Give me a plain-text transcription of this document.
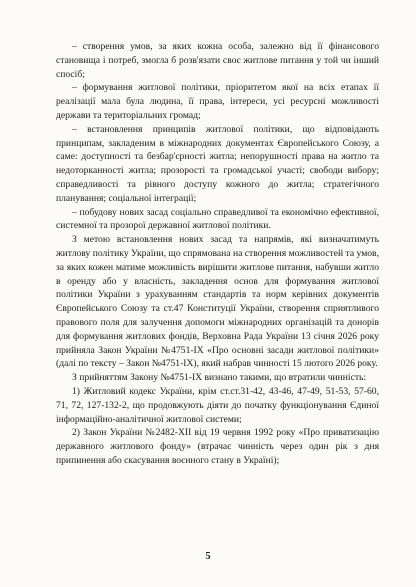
– створення умов, за яких кожна особа, залежно від її фінансового становища і потреб, змогла б розв'язати своє житлове питання у той чи інший спосіб;

– формування житлової політики, пріоритетом якої на всіх етапах її реалізації мала була людина, її права, інтереси, усі ресурсні можливості держави та територіальних громад;

– встановлення принципів житлової політики, що відповідають принципам, закладеним в міжнародних документах Європейського Союзу, а саме: доступності та безбар'єрності житла; непорушності права на житло та недоторканності житла; прозорості та громадської участі; свободи вибору; справедливості та рівного доступу кожного до житла; стратегічного планування; соціальної інтеграції;

– побудову нових засад соціально справедливої та економічно ефективної, системної та прозорої державної житлової політики.

З метою встановлення нових засад та напрямів, які визначатимуть житлову політику України, що спрямована на створення можливостей та умов, за яких кожен матиме можливість вирішити житлове питання, набувши житло в оренду або у власність, закладення основ для формування житлової політики України з урахуванням стандартів та норм керівних документів Європейського Союзу та ст.47 Конституції України, створення сприятливого правового поля для залучення допомоги міжнародних організацій та донорів для формування житлових фондів, Верховна Рада України 13 січня 2026 року прийняла Закон України №4751-IX «Про основні засади житлової політики» (далі по тексту – Закон №4751-IX), який набрав чинності 15 лютого 2026 року.

З прийняттям Закону №4751-IX визнано такими, що втратили чинність:

1) Житловий кодекс України, крім ст.ст.31-42, 43-46, 47-49, 51-53, 57-60, 71, 72, 127-132-2, що продовжують діяти до початку функціонування Єдиної інформаційно-аналітичної житлової системи;

2) Закон України №2482-XII від 19 червня 1992 року «Про приватизацію державного житлового фонду» (втрачає чинність через один рік з дня припинення або скасування воєнного стану в Україні);

5
